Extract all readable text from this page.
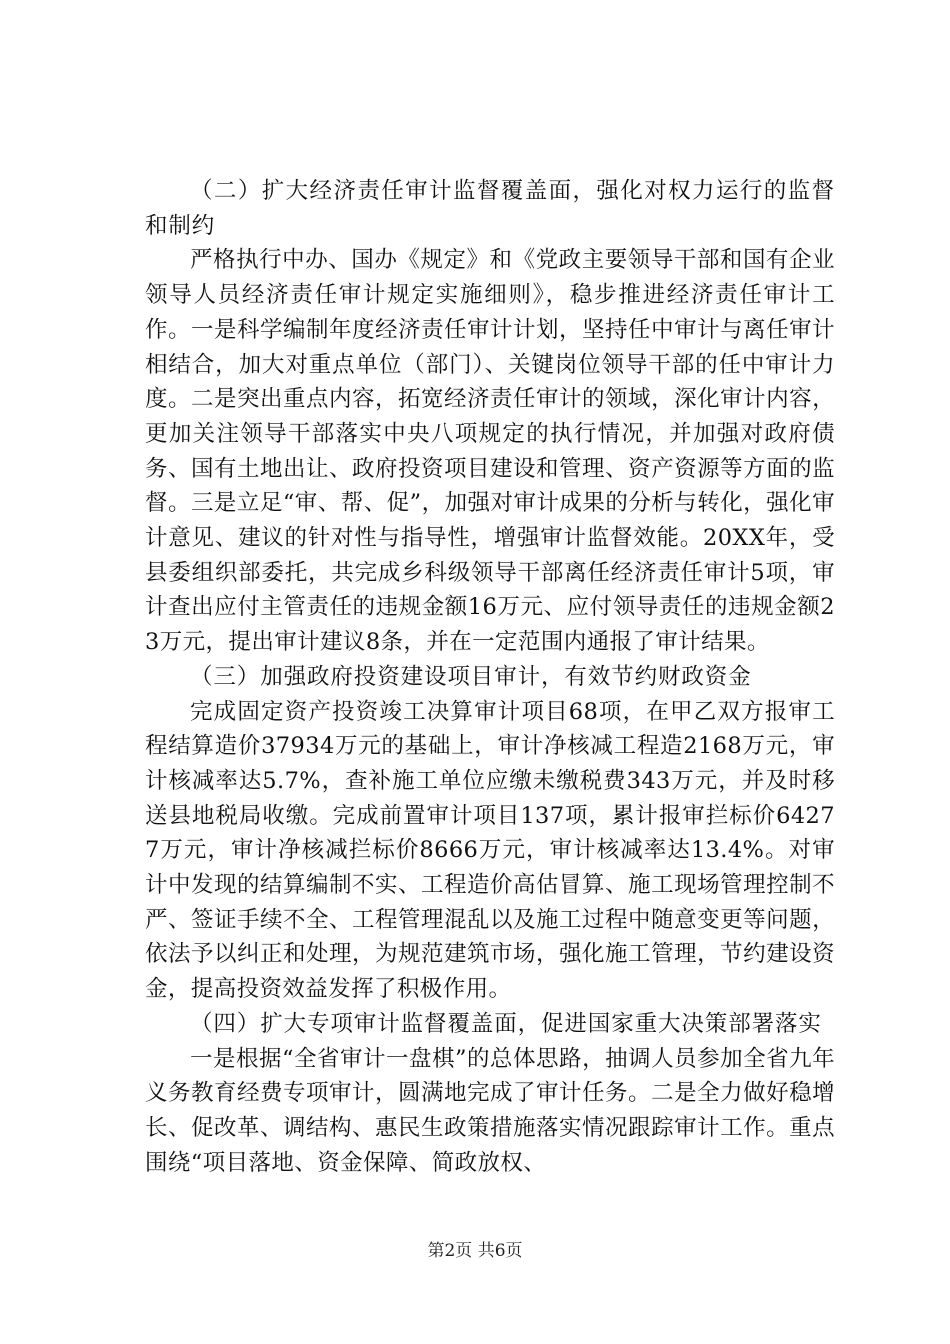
（二）扩大经济责任审计监督覆盖面，强化对权力运行的监督和制约

严格执行中办、国办《规定》和《党政主要领导干部和国有企业领导人员经济责任审计规定实施细则》，稳步推进经济责任审计工作。一是科学编制年度经济责任审计计划，坚持任中审计与离任审计相结合，加大对重点单位（部门）、关键岗位领导干部的任中审计力度。二是突出重点内容，拓宽经济责任审计的领域，深化审计内容，更加关注领导干部落实中央八项规定的执行情况，并加强对政府债务、国有土地出让、政府投资项目建设和管理、资产资源等方面的监督。三是立足“审、帮、促”，加强对审计成果的分析与转化，强化审计意见、建议的针对性与指导性，增强审计监督效能。20XX年，受县委组织部委托，共完成乡科级领导干部离任经济责任审计5项，审计查出应付主管责任的违规金额16万元、应付领导责任的违规金额23万元，提出审计建议8条，并在一定范围内通报了审计结果。

（三）加强政府投资建设项目审计，有效节约财政资金

完成固定资产投资竣工决算审计项目68项，在甲乙双方报审工程结算造价37934万元的基础上，审计净核减工程造2168万元，审计核减率达5.7%，查补施工单位应缴未缴税费343万元，并及时移送县地税局收缴。完成前置审计项目137项，累计报审拦标价64277万元，审计净核减拦标价8666万元，审计核减率达13.4%。对审计中发现的结算编制不实、工程造价高估冒算、施工现场管理控制不严、签证手续不全、工程管理混乱以及施工过程中随意变更等问题，依法予以纠正和处理，为规范建筑市场，强化施工管理，节约建设资金，提高投资效益发挥了积极作用。

（四）扩大专项审计监督覆盖面，促进国家重大决策部署落实

一是根据“全省审计一盘棋”的总体思路，抽调人员参加全省九年义务教育经费专项审计，圆满地完成了审计任务。二是全力做好稳增长、促改革、调结构、惠民生政策措施落实情况跟踪审计工作。重点围绕“项目落地、资金保障、简政放权、

第2页 共6页
